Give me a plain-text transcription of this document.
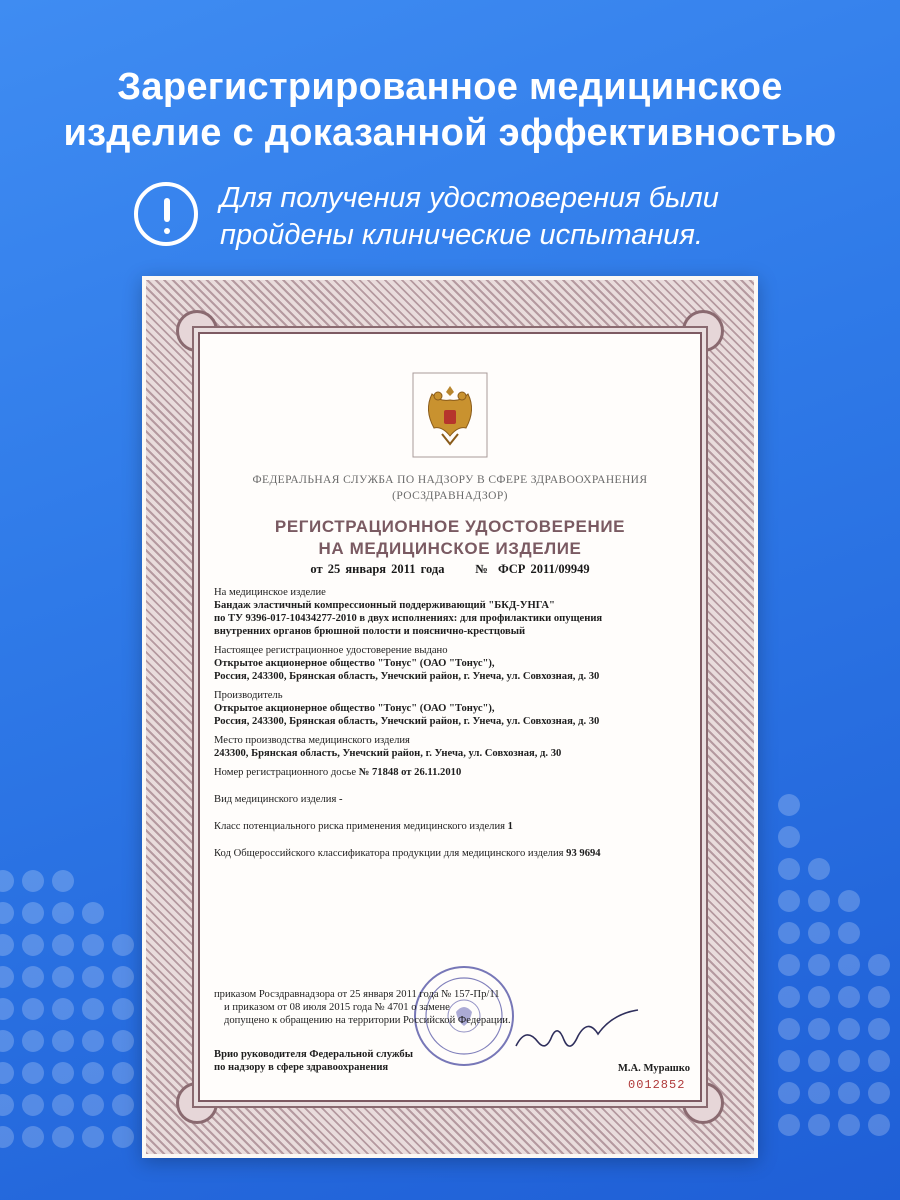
Зарегистрированное медицинское
изделие с доказанной эффективностью
Для получения удостоверения были
пройдены клинические испытания.
ФЕДЕРАЛЬНАЯ СЛУЖБА ПО НАДЗОРУ В СФЕРЕ ЗДРАВООХРАНЕНИЯ
(РОСЗДРАВНАДЗОР)
РЕГИСТРАЦИОННОЕ УДОСТОВЕРЕНИЕ
НА МЕДИЦИНСКОЕ ИЗДЕЛИЕ
от 25 января 2011 года      №  ФСР 2011/09949
На медицинское изделие
Бандаж эластичный компрессионный поддерживающий "БКД-УНГА"
по ТУ 9396-017-10434277-2010 в двух исполнениях: для профилактики опущения
внутренних органов брюшной полости и пояснично-крестцовый
Настоящее регистрационное удостоверение выдано
Открытое акционерное общество "Тонус" (ОАО "Тонус"),
Россия, 243300, Брянская область, Унечский район, г. Унеча, ул. Совхозная, д. 30
Производитель
Открытое акционерное общество "Тонус" (ОАО "Тонус"),
Россия, 243300, Брянская область, Унечский район, г. Унеча, ул. Совхозная, д. 30
Место производства медицинского изделия
243300, Брянская область, Унечский район, г. Унеча, ул. Совхозная, д. 30
Номер регистрационного досье № 71848 от 26.11.2010
Вид медицинского изделия -
Класс потенциального риска применения медицинского изделия 1
Код Общероссийского классификатора продукции для медицинского изделия 93 9694
приказом Росздравнадзора от 25 января 2011 года № 157-Пр/11
и приказом от 08 июля 2015 года № 4701 о замене
допущено к обращению на территории Российской Федерации.
Врио руководителя Федеральной службы
по надзору в сфере здравоохранения	М.А. Мурашко
0012852
